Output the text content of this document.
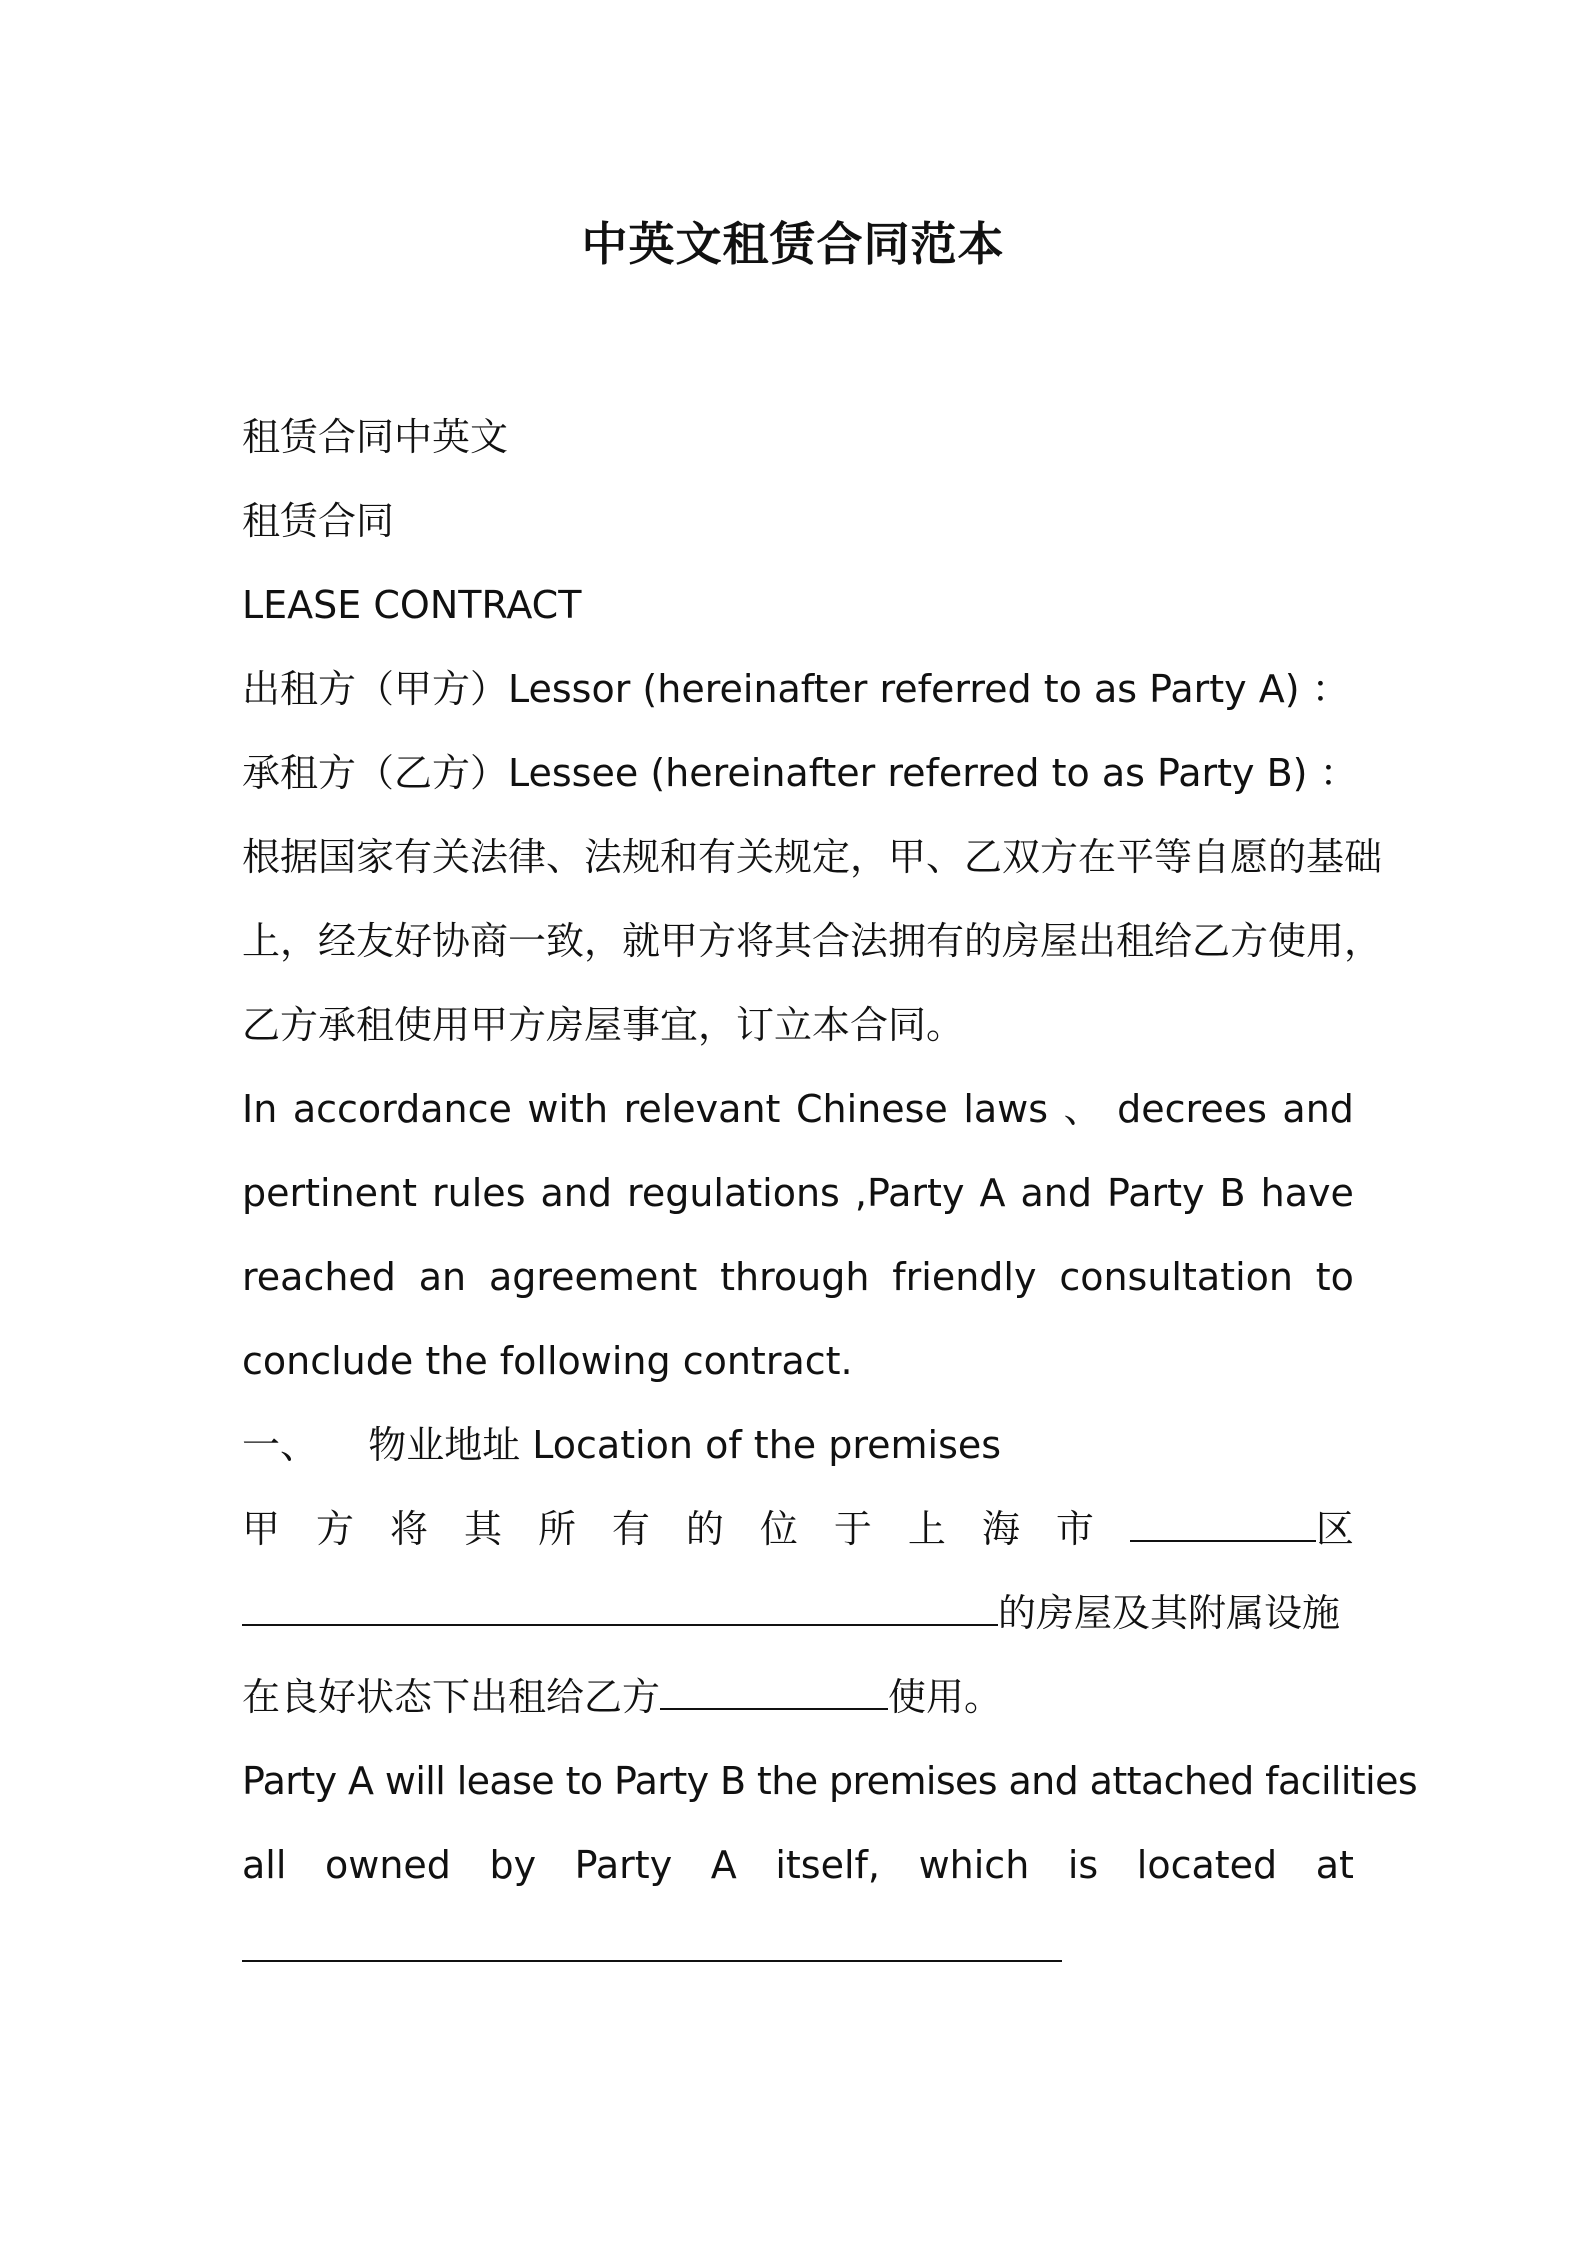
中英文租赁合同范本
租赁合同中英文
租赁合同
LEASE CONTRACT
出租方（甲方）Lessor (hereinafter referred to as Party A) ：
承租方（乙方）Lessee (hereinafter referred to as Party B) ：
根据国家有关法律、法规和有关规定，甲、乙双方在平等自愿的基础
上，经友好协商一致，就甲方将其合法拥有的房屋出租给乙方使用，
乙方承租使用甲方房屋事宜，订立本合同。
In accordance with relevant Chinese laws 、 decrees and
pertinent rules and regulations ,Party A and Party B have
reached an agreement through friendly consultation to
conclude the following contract.
一、 物业地址 Location of the premises
甲 方 将 其 所 有 的 位 于 上 海 市	区
的房屋及其附属设施
在良好状态下出租给乙方	使用。
Party A will lease to Party B the premises and attached facilities
all owned by Party A itself, which is located at
